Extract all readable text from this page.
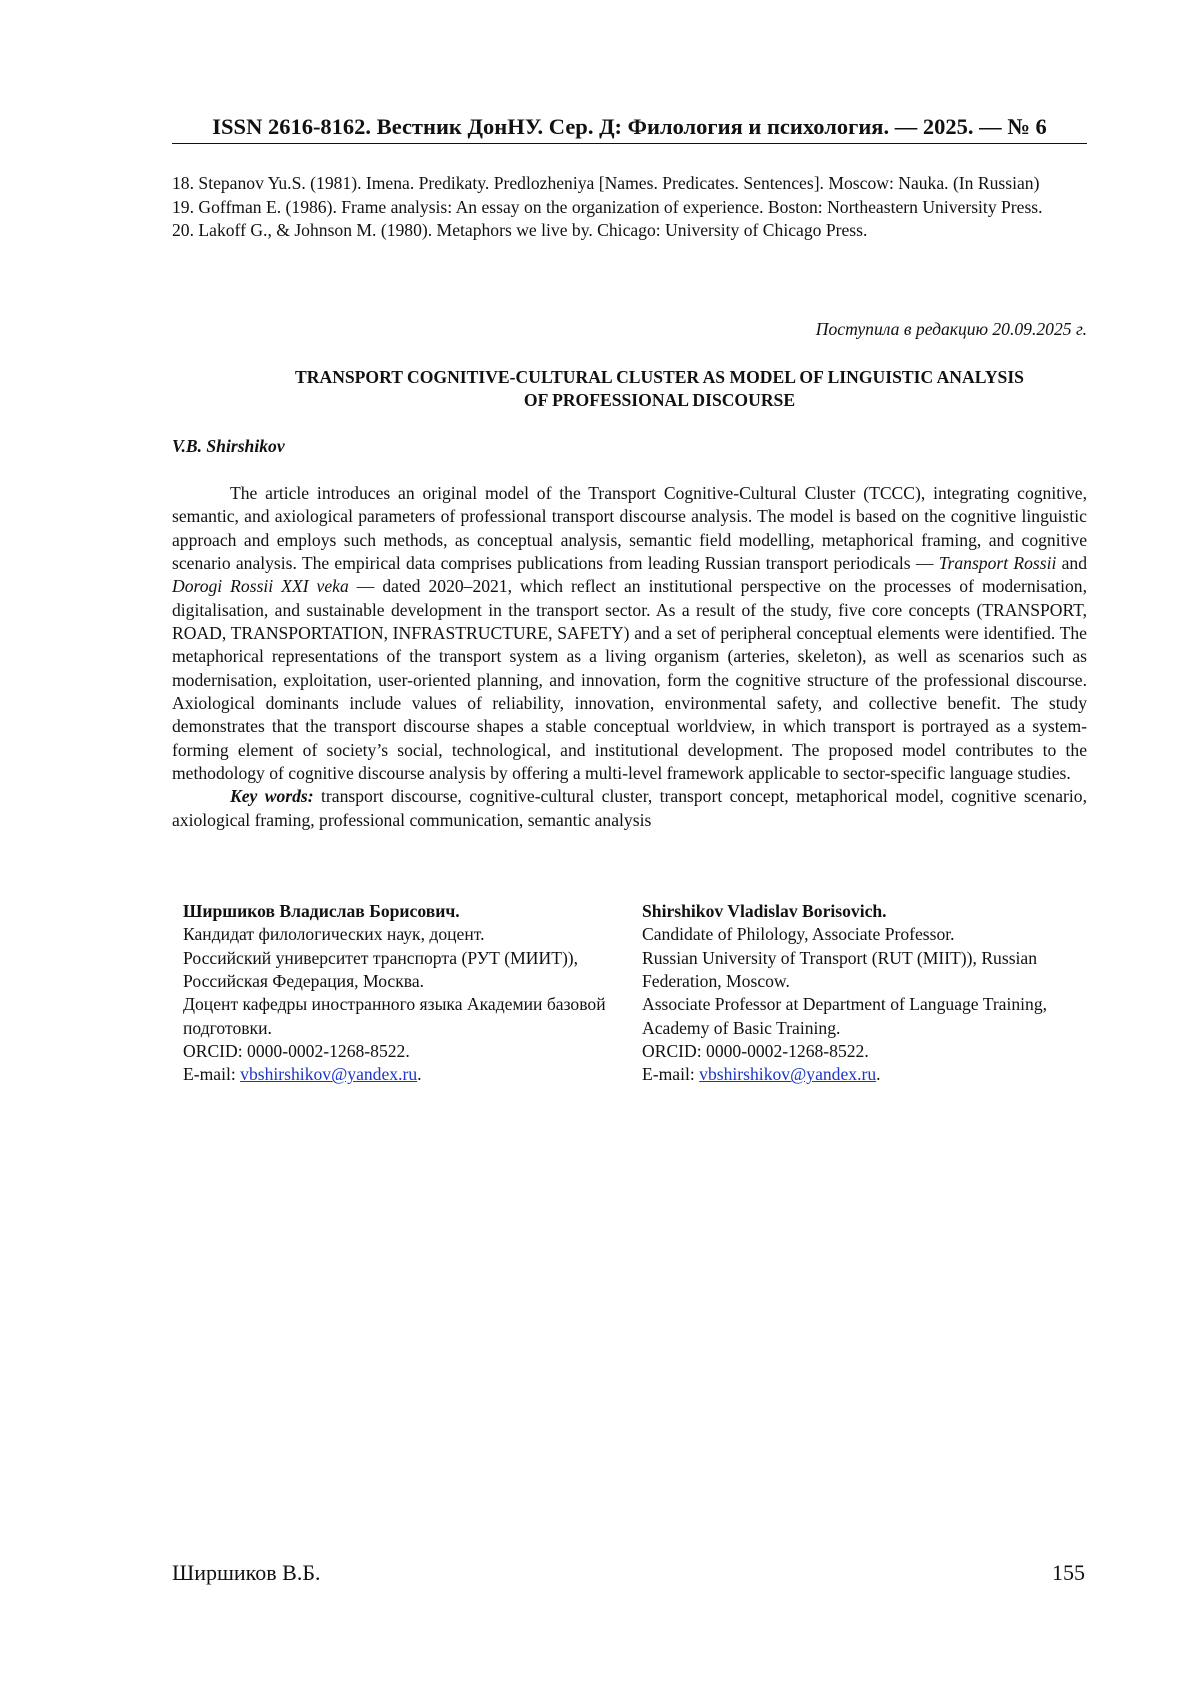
ISSN 2616-8162. Вестник ДонНУ. Сер. Д: Филология и психология. — 2025. — № 6
18. Stepanov Yu.S. (1981). Imena. Predikaty. Predlozheniya [Names. Predicates. Sentences]. Moscow: Nauka. (In Russian)
19. Goffman E. (1986). Frame analysis: An essay on the organization of experience. Boston: Northeastern University Press.
20. Lakoff G., & Johnson M. (1980). Metaphors we live by. Chicago: University of Chicago Press.
Поступила в редакцию 20.09.2025 г.
TRANSPORT COGNITIVE-CULTURAL CLUSTER AS MODEL OF LINGUISTIC ANALYSIS
OF PROFESSIONAL DISCOURSE
V.B. Shirshikov

The article introduces an original model of the Transport Cognitive-Cultural Cluster (TCCC), integrating cognitive, semantic, and axiological parameters of professional transport discourse analysis. The model is based on the cognitive linguistic approach and employs such methods, as conceptual analysis, semantic field modelling, metaphorical framing, and cognitive scenario analysis. The empirical data comprises publications from leading Russian transport periodicals — Transport Rossii and Dorogi Rossii XXI veka — dated 2020–2021, which reflect an institutional perspective on the processes of modernisation, digitalisation, and sustainable development in the transport sector. As a result of the study, five core concepts (TRANSPORT, ROAD, TRANSPORTATION, INFRASTRUCTURE, SAFETY) and a set of peripheral conceptual elements were identified. The metaphorical representations of the transport system as a living organism (arteries, skeleton), as well as scenarios such as modernisation, exploitation, user-oriented planning, and innovation, form the cognitive structure of the professional discourse. Axiological dominants include values of reliability, innovation, environmental safety, and collective benefit. The study demonstrates that the transport discourse shapes a stable conceptual worldview, in which transport is portrayed as a system-forming element of society’s social, technological, and institutional development. The proposed model contributes to the methodology of cognitive discourse analysis by offering a multi-level framework applicable to sector-specific language studies.

Key words: transport discourse, cognitive-cultural cluster, transport concept, metaphorical model, cognitive scenario, axiological framing, professional communication, semantic analysis

Ширшиков Владислав Борисович.
Кандидат филологических наук, доцент.
Российский университет транспорта (РУТ (МИИТ)), Российская Федерация, Москва.
Доцент кафедры иностранного языка Академии базовой подготовки.
ORCID: 0000-0002-1268-8522.
E-mail: vbshirshikov@yandex.ru.
Shirshikov Vladislav Borisovich.
Candidate of Philology, Associate Professor.
Russian University of Transport (RUT (MIIT)), Russian Federation, Moscow.
Associate Professor at Department of Language Training, Academy of Basic Training.
ORCID: 0000-0002-1268-8522.
E-mail: vbshirshikov@yandex.ru.
Ширшиков В.Б.	155
